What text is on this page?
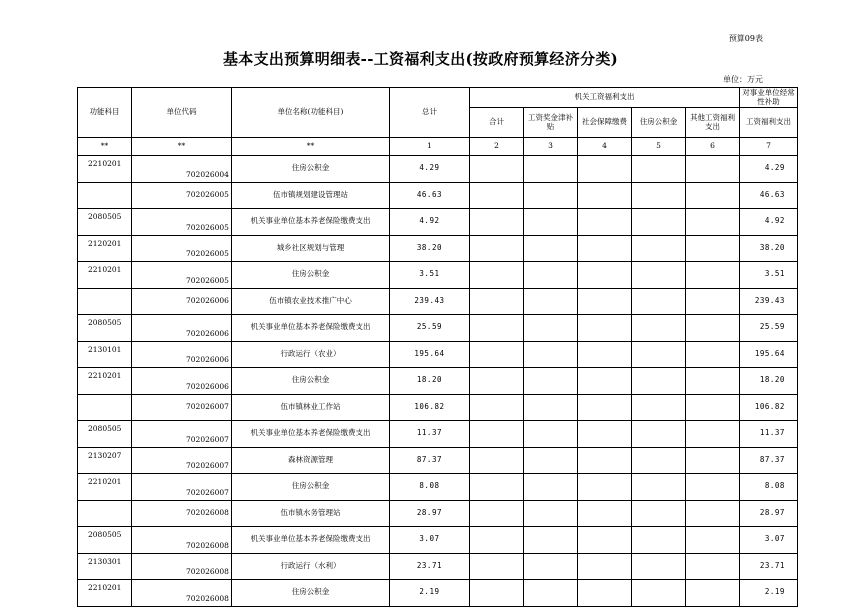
预算09表
基本支出预算明细表--工资福利支出(按政府预算经济分类)
单位：万元
功能科目	单位代码	单位名称(功能科目)	总计	机关工资福利支出					对事业单位经常性补助
				合计	工资奖金津补贴	社会保障缴费	住房公积金	其他工资福利支出	工资福利支出
**	**	**	1	2	3	4	5	6	7
2210201	702026004	住房公积金	4.29						4.29
	702026005	伍市镇规划建设管理站	46.63						46.63
2080505	702026005	机关事业单位基本养老保险缴费支出	4.92						4.92
2120201	702026005	城乡社区规划与管理	38.20						38.20
2210201	702026005	住房公积金	3.51						3.51
	702026006	伍市镇农业技术推广中心	239.43						239.43
2080505	702026006	机关事业单位基本养老保险缴费支出	25.59						25.59
2130101	702026006	行政运行（农业）	195.64						195.64
2210201	702026006	住房公积金	18.20						18.20
	702026007	伍市镇林业工作站	106.82						106.82
2080505	702026007	机关事业单位基本养老保险缴费支出	11.37						11.37
2130207	702026007	森林资源管理	87.37						87.37
2210201	702026007	住房公积金	8.08						8.08
	702026008	伍市镇水务管理站	28.97						28.97
2080505	702026008	机关事业单位基本养老保险缴费支出	3.07						3.07
2130301	702026008	行政运行（水利）	23.71						23.71
2210201	702026008	住房公积金	2.19						2.19
